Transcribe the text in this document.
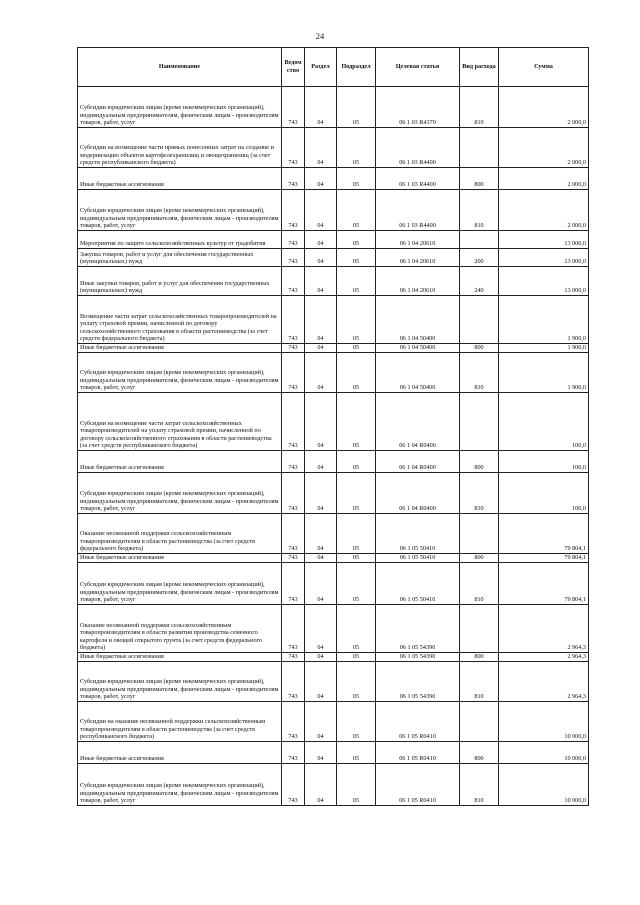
24
Наименование	Ведом ство	Раздел	Подраздел	Целевая статья	Вид расхода	Сумма
Субсидии юридическим лицам (кроме некоммерческих организаций), индивидуальным предпринимателям, физическим лицам - производителям товаров, работ, услуг	743	04	05	06 1 03 R4370	810	2 000,0
Субсидии на возмещение части прямых понесенных затрат на создание и модернизацию объектов картофелехранилищ и овощехранилищ (за счет средств республиканского бюджета)	743	04	05	06 1 03 R4400		2 000,0
Иные бюджетные ассигнования	743	04	05	06 1 03 R4400	800	2 000,0
Субсидии юридическим лицам (кроме некоммерческих организаций), индивидуальным предпринимателям, физическим лицам - производителям товаров, работ, услуг	743	04	05	06 1 03 R4400	810	2 000,0
Мероприятия по защите сельскохозяйственных культур от градобития	743	04	05	06 1 04 20610		13 000,0
Закупка товаров, работ и услуг для обеспечения государственных (муниципальных) нужд	743	04	05	06 1 04 20610	200	13 000,0
Иные закупки товаров, работ и услуг для обеспечения государственных (муниципальных) нужд	743	04	05	06 1 04 20610	240	13 000,0
Возмещение части затрат сельскохозяйственных товаропроизводителей на уплату страховой премии, начисленной по договору сельскохозяйственного страхования в области растениеводства (за счет средств федерального бюджета)	743	04	05	06 1 04 50400		1 900,0
Иные бюджетные ассигнования	743	04	05	06 1 04 50400	800	1 900,0
Субсидии юридическим лицам (кроме некоммерческих организаций), индивидуальным предпринимателям, физическим лицам - производителям товаров, работ, услуг	743	04	05	06 1 04 50400	810	1 900,0
Субсидии на возмещение части затрат сельскохозяйственных товаропроизводителей на уплату страховой премии, начисленной по договору сельскохозяйственного страхования в области растениеводства (за счет средств республиканского бюджета)	743	04	05	06 1 04 R0400		100,0
Иные бюджетные ассигнования	743	04	05	06 1 04 R0400	800	100,0
Субсидии юридическим лицам (кроме некоммерческих организаций), индивидуальным предпринимателям, физическим лицам - производителям товаров, работ, услуг	743	04	05	06 1 04 R0400	810	100,0
Оказание несвязанной поддержки сельскохозяйственным товаропроизводителям в области растениеводства (за счет средств федерального бюджета)	743	04	05	06 1 05 50410		79 804,1
Иные бюджетные ассигнования	743	04	05	06 1 05 50410	800	79 804,1
Субсидии юридическим лицам (кроме некоммерческих организаций), индивидуальным предпринимателям, физическим лицам - производителям товаров, работ, услуг	743	04	05	06 1 05 50410	810	79 804,1
Оказание несвязанной поддержки сельскохозяйственным товаропроизводителям в области развития производства семенного картофеля и овощей открытого грунта (за счет средств федерального бюджета)	743	04	05	06 1 05 54390		2 964,3
Иные бюджетные ассигнования	743	04	05	06 1 05 54390	800	2 964,3
Субсидии юридическим лицам (кроме некоммерческих организаций), индивидуальным предпринимателям, физическим лицам - производителям товаров, работ, услуг	743	04	05	06 1 05 54390	810	2 964,3
Субсидии на оказание несвязанной поддержки сельскохозяйственным товаропроизводителям в области растениеводства (за счет средств республиканского бюджета)	743	04	05	06 1 05 R0410		10 000,0
Иные бюджетные ассигнования	743	04	05	06 1 05 R0410	800	10 000,0
Субсидии юридическим лицам (кроме некоммерческих организаций), индивидуальным предпринимателям, физическим лицам - производителям товаров, работ, услуг	743	04	05	06 1 05 R0410	810	10 000,0
